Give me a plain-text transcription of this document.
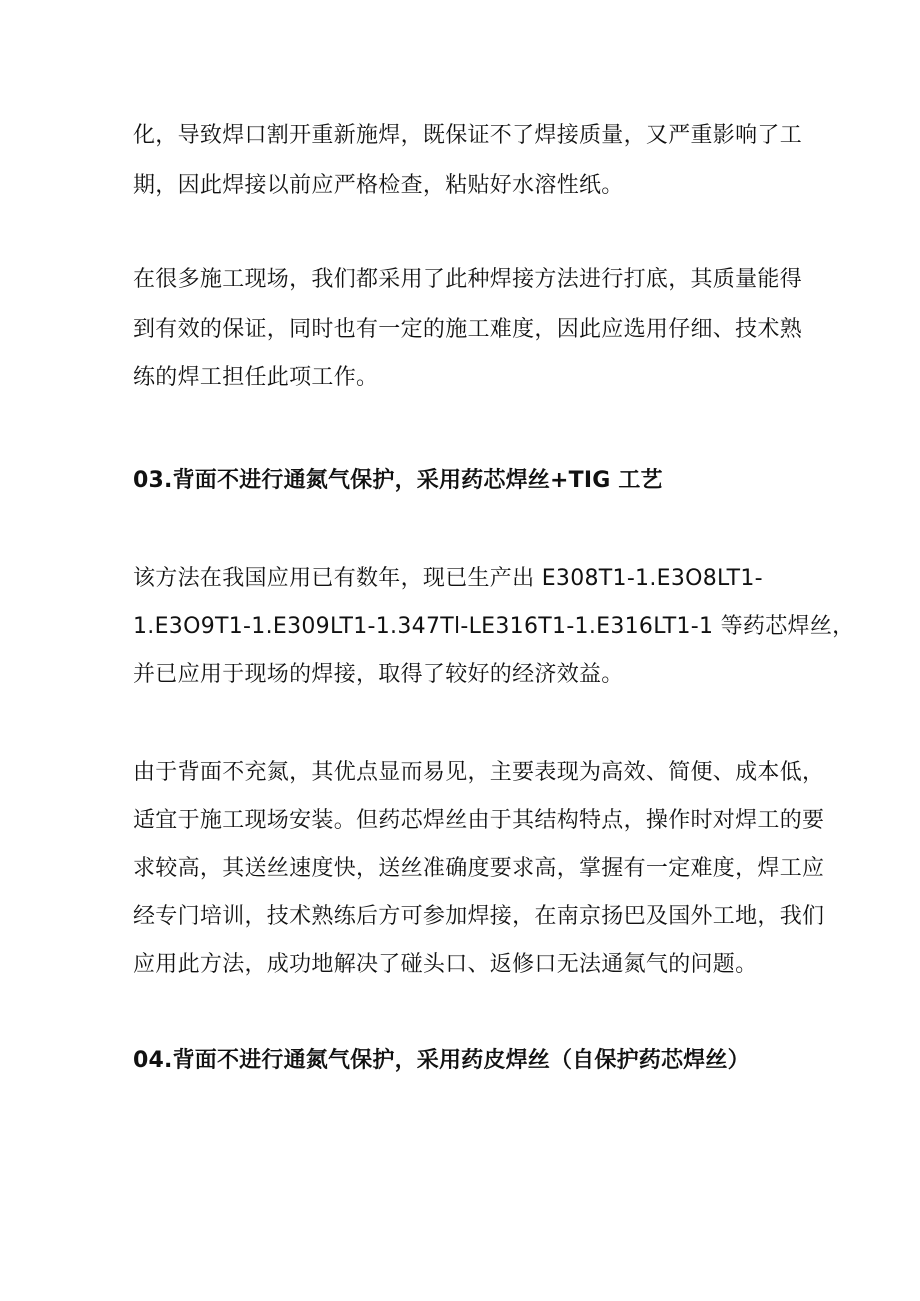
化，导致焊口割开重新施焊，既保证不了焊接质量，又严重影响了工
期，因此焊接以前应严格检查，粘贴好水溶性纸。
在很多施工现场，我们都采用了此种焊接方法进行打底，其质量能得
到有效的保证，同时也有一定的施工难度，因此应选用仔细、技术熟
练的焊工担任此项工作。
03.背面不进行通氮气保护，采用药芯焊丝+TIG 工艺
该方法在我国应用已有数年，现已生产出 E308T1-1.E3O8LT1-
1.E3O9T1-1.E309LT1-1.347Tl-LE316T1-1.E316LT1-1 等药芯焊丝，
并已应用于现场的焊接，取得了较好的经济效益。
由于背面不充氮，其优点显而易见，主要表现为高效、简便、成本低，
适宜于施工现场安装。但药芯焊丝由于其结构特点，操作时对焊工的要
求较高，其送丝速度快，送丝准确度要求高，掌握有一定难度，焊工应
经专门培训，技术熟练后方可参加焊接，在南京扬巴及国外工地，我们
应用此方法，成功地解决了碰头口、返修口无法通氮气的问题。
04.背面不进行通氮气保护，采用药皮焊丝（自保护药芯焊丝）
